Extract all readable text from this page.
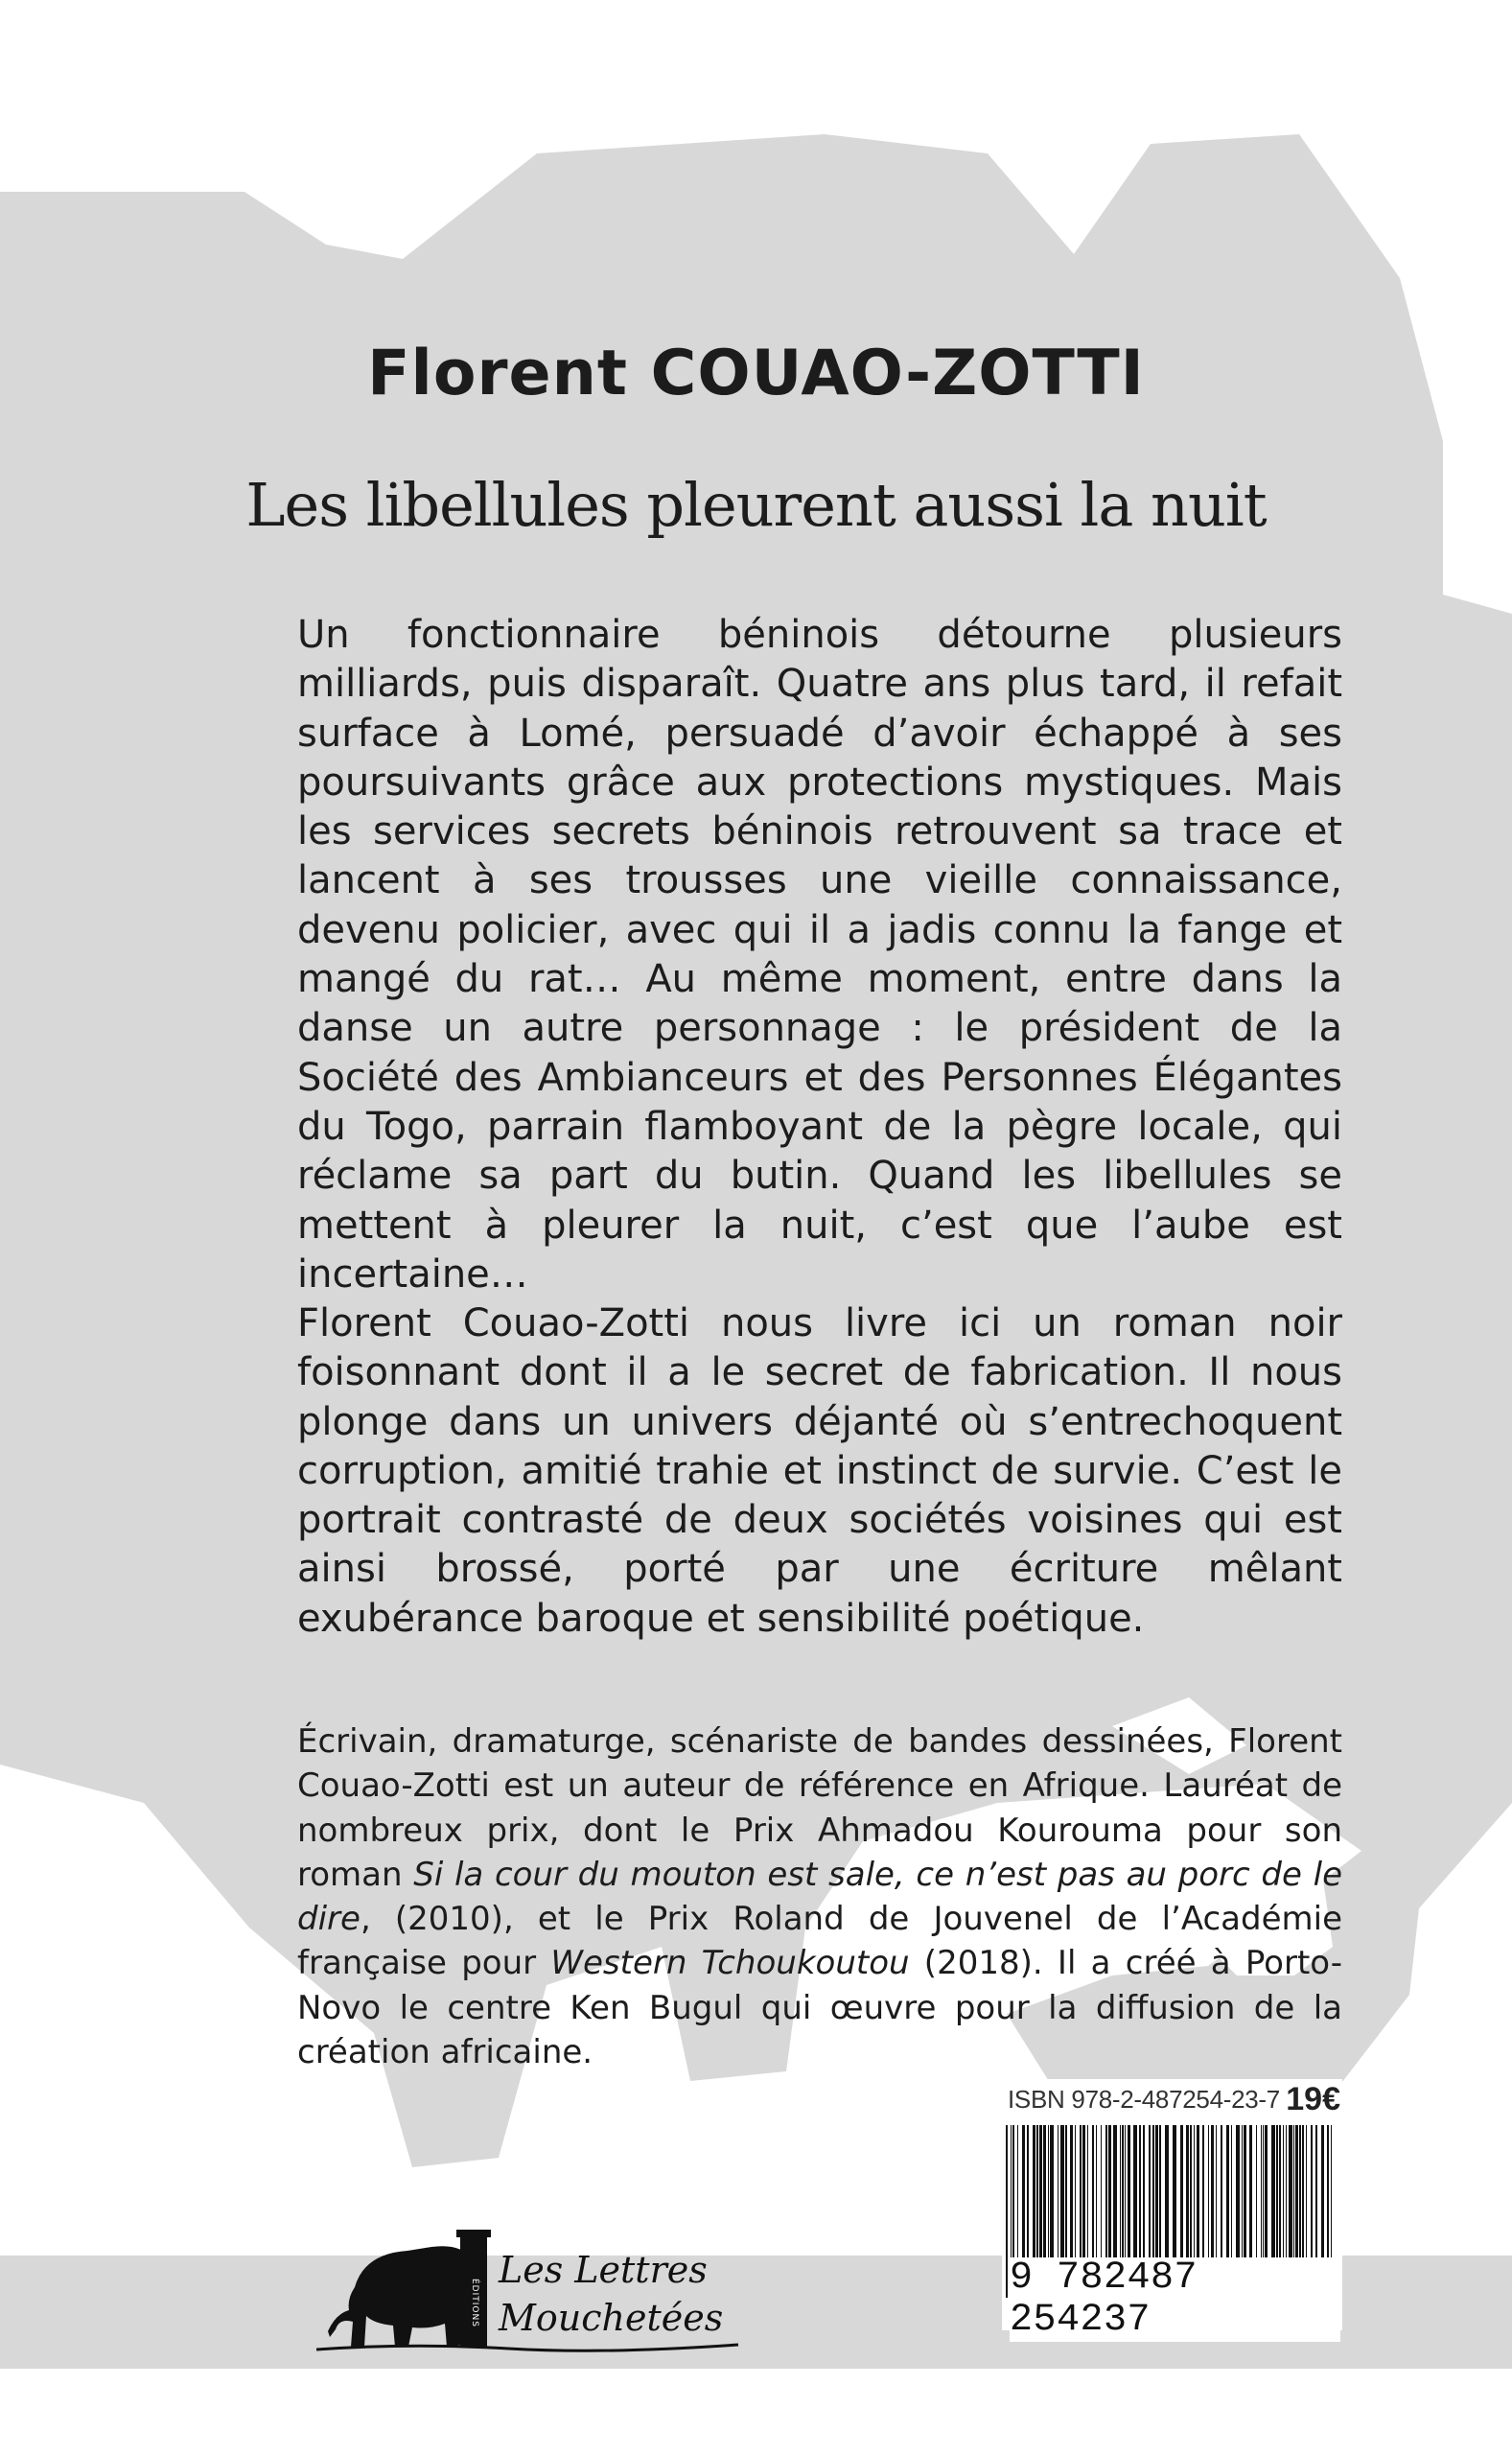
Florent COUAO-ZOTTI
Les libellules pleurent aussi la nuit

Un fonctionnaire béninois détourne plusieurs milliards, puis disparaît. Quatre ans plus tard, il refait surface à Lomé, persuadé d’avoir échappé à ses poursuivants grâce aux protections mystiques. Mais les services secrets béninois retrouvent sa trace et lancent à ses trousses une vieille connaissance, devenu policier, avec qui il a jadis connu la fange et mangé du rat… Au même moment, entre dans la danse un autre personnage : le président de la Société des Ambianceurs et des Personnes Élégantes du Togo, parrain flamboyant de la pègre locale, qui réclame sa part du butin. Quand les libellules se mettent à pleurer la nuit, c’est que l’aube est incertaine…

Florent Couao-Zotti nous livre ici un roman noir foisonnant dont il a le secret de fabrication. Il nous plonge dans un univers déjanté où s’entrechoquent corruption, amitié trahie et instinct de survie. C’est le portrait contrasté de deux sociétés voisines qui est ainsi brossé, porté par une écriture mêlant exubérance baroque et sensibilité poétique.

Écrivain, dramaturge, scénariste de bandes dessinées, Florent Couao-Zotti est un auteur de référence en Afrique. Lauréat de nombreux prix, dont le Prix Ahmadou Kourouma pour son roman Si la cour du mouton est sale, ce n’est pas au porc de le dire, (2010), et le Prix Roland de Jouvenel de l’Académie française pour Western Tchoukoutou (2018). Il a créé à Porto-Novo le centre Ken Bugul qui œuvre pour la diffusion de la création africaine.

ISBN 978-2-487254-23-7 19€
9 782487 254237
ÉDITIONS
Les Lettres
Mouchetées
